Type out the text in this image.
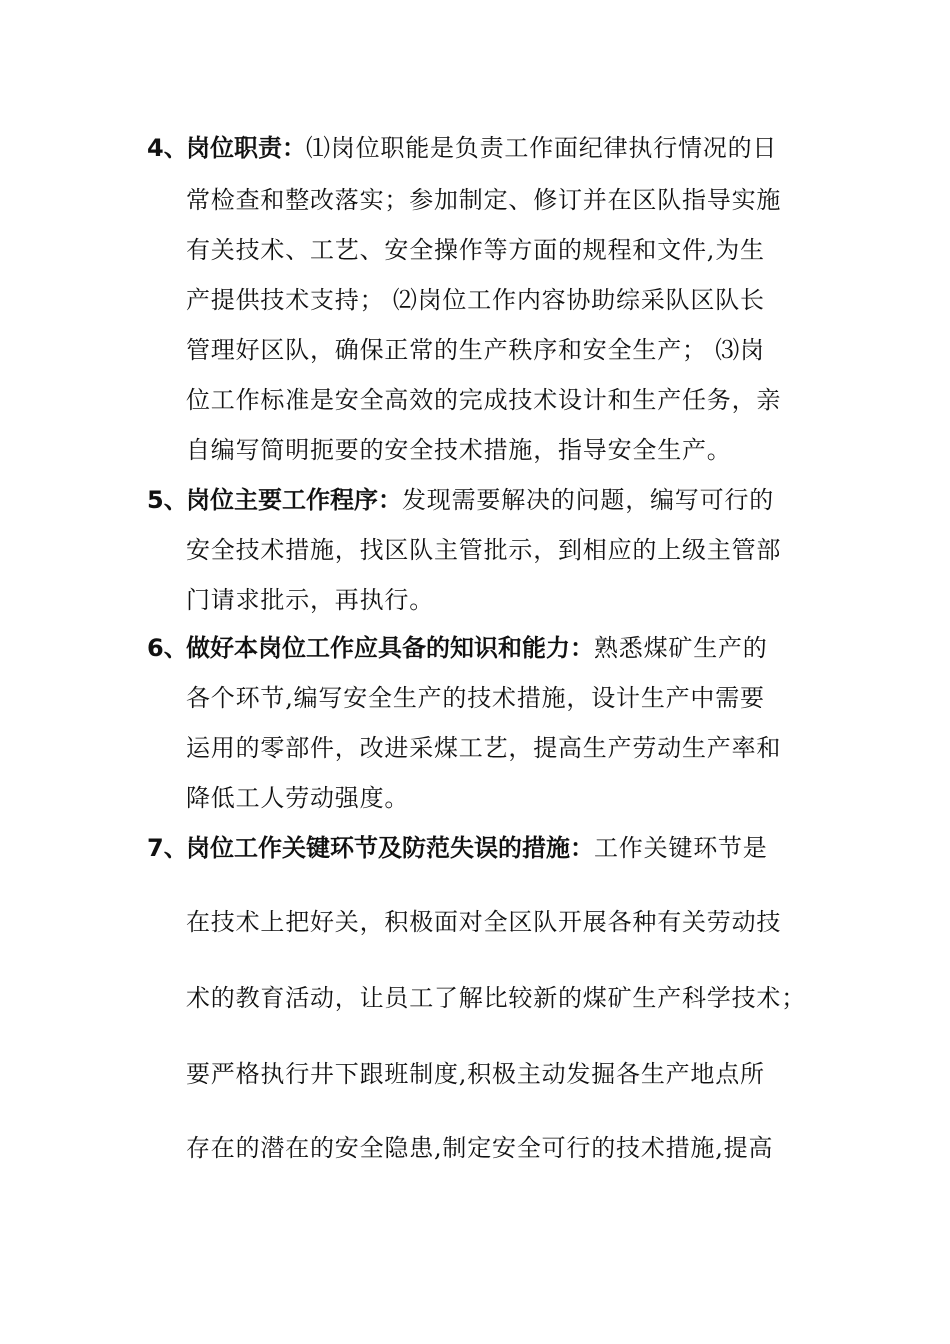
4、
岗位职责：⑴岗位职能是负责工作面纪律执行情况的日
常检查和整改落实；参加制定、修订并在区队指导实施
有关技术、工艺、安全操作等方面的规程和文件,为生
产提供技术支持； ⑵岗位工作内容协助综采队区队长
管理好区队，确保正常的生产秩序和安全生产； ⑶岗
位工作标准是安全高效的完成技术设计和生产任务，亲
自编写简明扼要的安全技术措施，指导安全生产。
5、
岗位主要工作程序：发现需要解决的问题，编写可行的
安全技术措施，找区队主管批示，到相应的上级主管部
门请求批示，再执行。
6、
做好本岗位工作应具备的知识和能力：熟悉煤矿生产的
各个环节,编写安全生产的技术措施，设计生产中需要
运用的零部件，改进采煤工艺，提高生产劳动生产率和
降低工人劳动强度。
7、
岗位工作关键环节及防范失误的措施：工作关键环节是
在技术上把好关，积极面对全区队开展各种有关劳动技
术的教育活动，让员工了解比较新的煤矿生产科学技术；
要严格执行井下跟班制度,积极主动发掘各生产地点所
存在的潜在的安全隐患,制定安全可行的技术措施,提高
